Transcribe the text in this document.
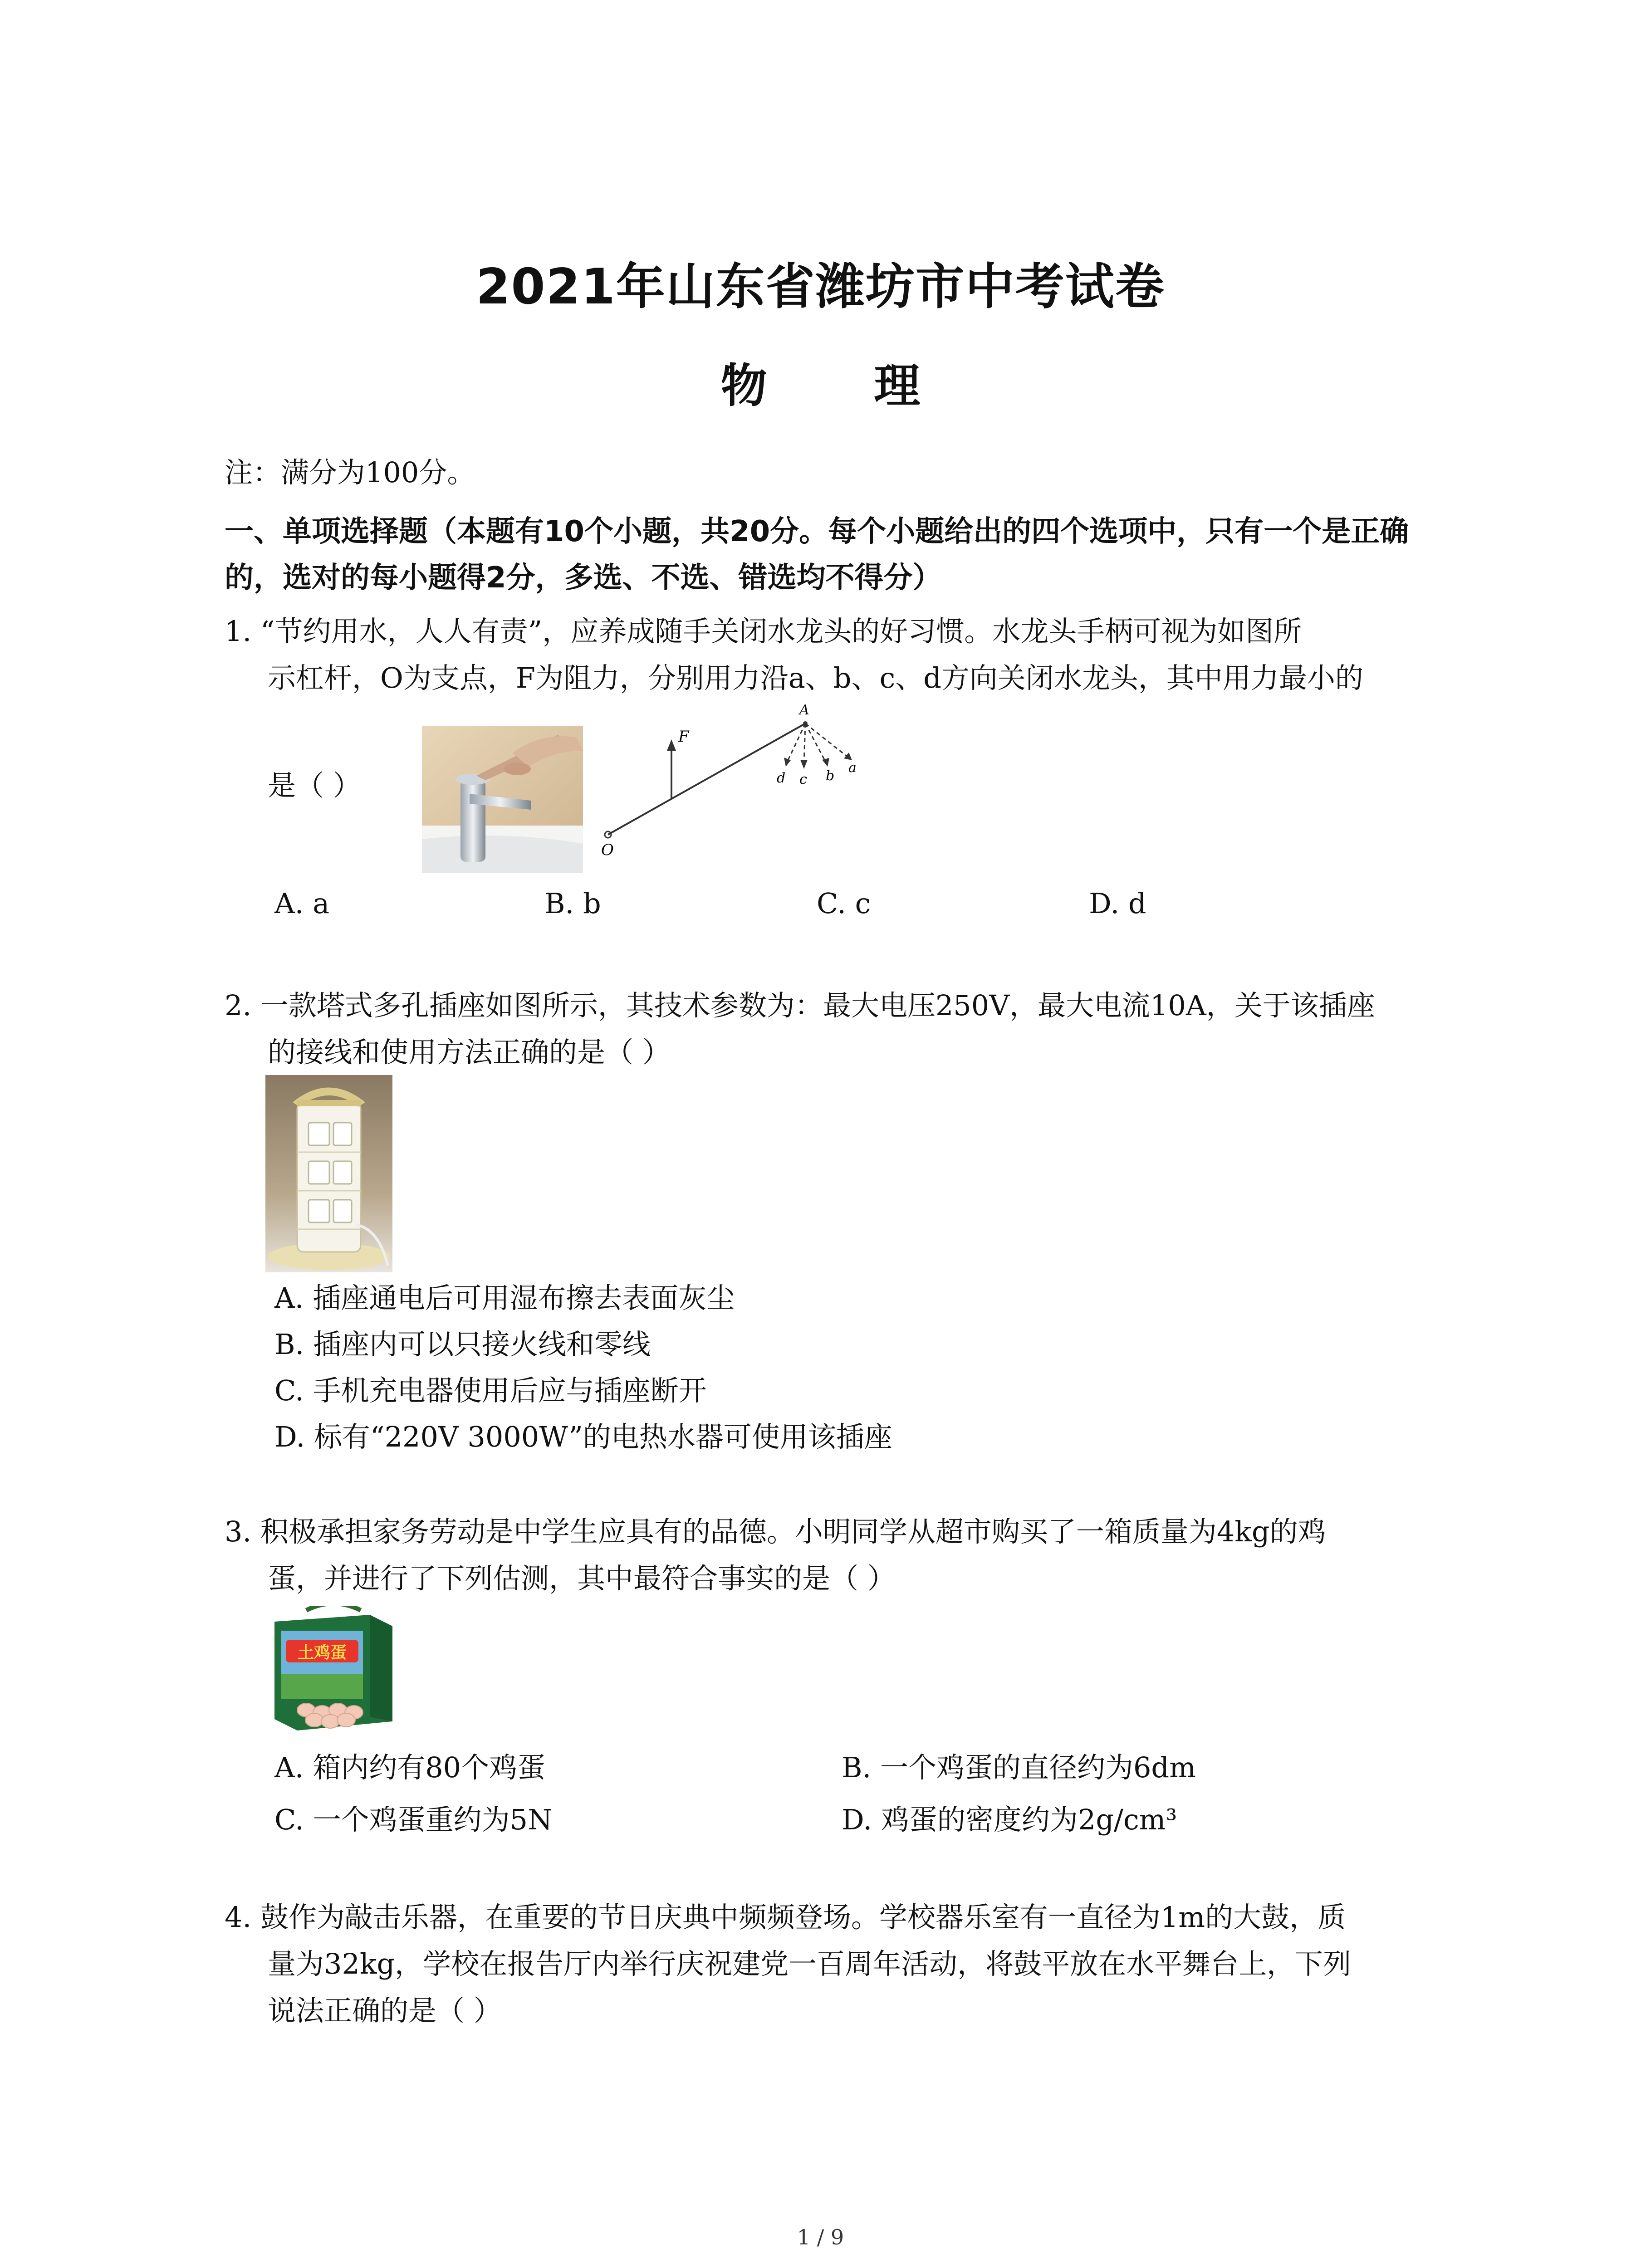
2021年山东省潍坊市中考试卷
物 理
注：满分为100分。
一、单项选择题（本题有10个小题，共20分。每个小题给出的四个选项中，只有一个是正确
的，选对的每小题得2分，多选、不选、错选均不得分）
1. “节约用水，人人有责”，应养成随手关闭水龙头的好习惯。水龙头手柄可视为如图所
示杠杆，O为支点，F为阻力，分别用力沿a、b、c、d方向关闭水龙头，其中用力最小的
是（ ）
O
F
A
d c b
a
A. a	B. b	C. c	D. d
2. 一款塔式多孔插座如图所示，其技术参数为：最大电压250V，最大电流10A，关于该插座
的接线和使用方法正确的是（ ）
A. 插座通电后可用湿布擦去表面灰尘
B. 插座内可以只接火线和零线
C. 手机充电器使用后应与插座断开
D. 标有“220V 3000W”的电热水器可使用该插座
3. 积极承担家务劳动是中学生应具有的品德。小明同学从超市购买了一箱质量为4kg的鸡
蛋，并进行了下列估测，其中最符合事实的是（ ）
土鸡蛋
A. 箱内约有80个鸡蛋	B. 一个鸡蛋的直径约为6dm
C. 一个鸡蛋重约为5N	D. 鸡蛋的密度约为2g/cm³
4. 鼓作为敲击乐器，在重要的节日庆典中频频登场。学校器乐室有一直径为1m的大鼓，质
量为32kg，学校在报告厅内举行庆祝建党一百周年活动，将鼓平放在水平舞台上，下列
说法正确的是（ ）
1 / 9
